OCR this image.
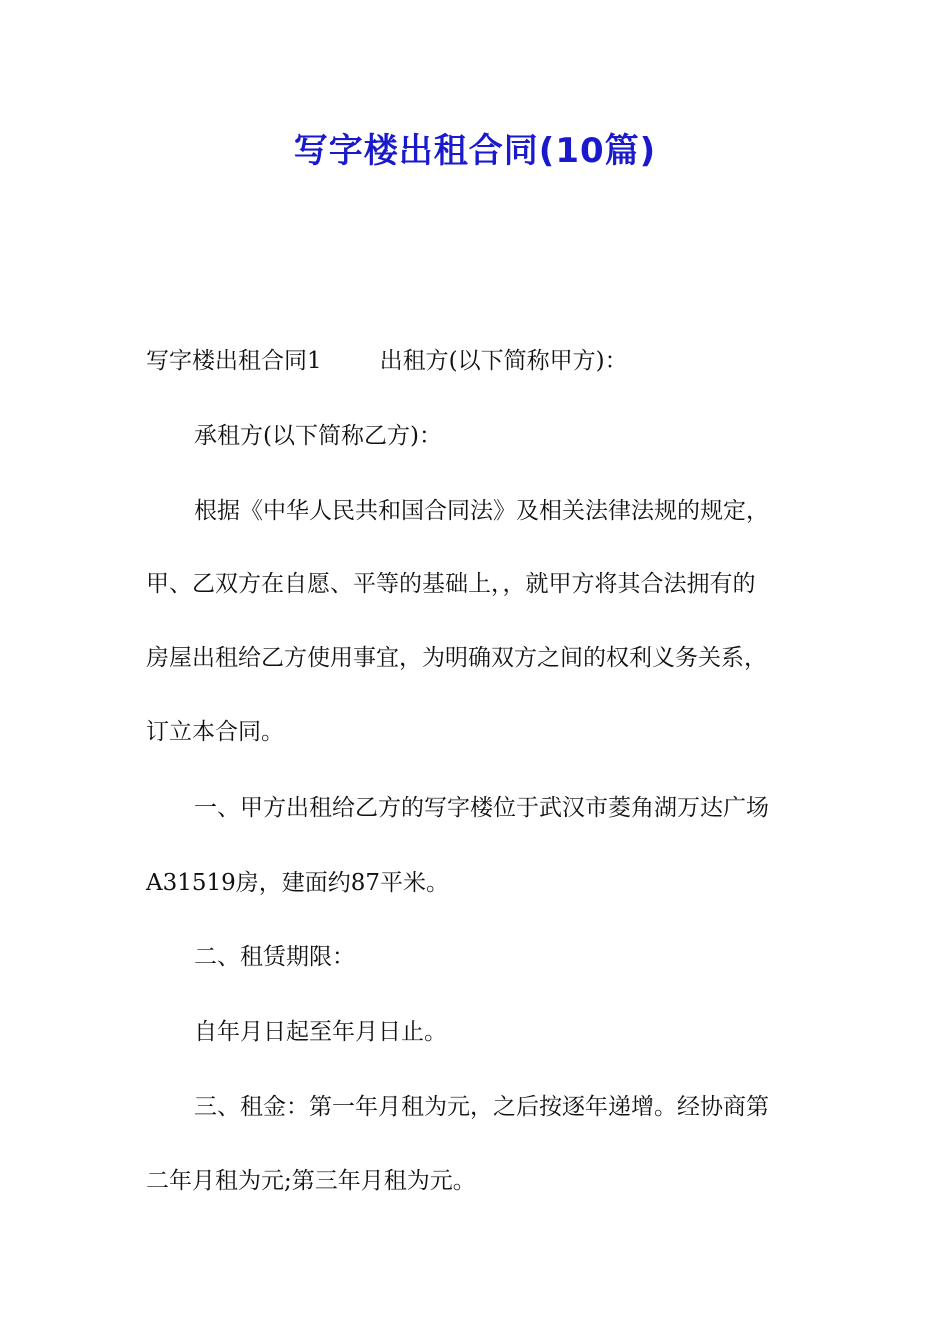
写字楼出租合同(10篇)
写字楼出租合同1	出租方(以下简称甲方)：
承租方(以下简称乙方)：
根据《中华人民共和国合同法》及相关法律法规的规定，
甲、乙双方在自愿、平等的基础上，，就甲方将其合法拥有的
房屋出租给乙方使用事宜，为明确双方之间的权利义务关系，
订立本合同。
一、甲方出租给乙方的写字楼位于武汉市菱角湖万达广场
A31519房，建面约87平米。
二、租赁期限：
自年月日起至年月日止。
三、租金：第一年月租为元，之后按逐年递增。经协商第
二年月租为元;第三年月租为元。
